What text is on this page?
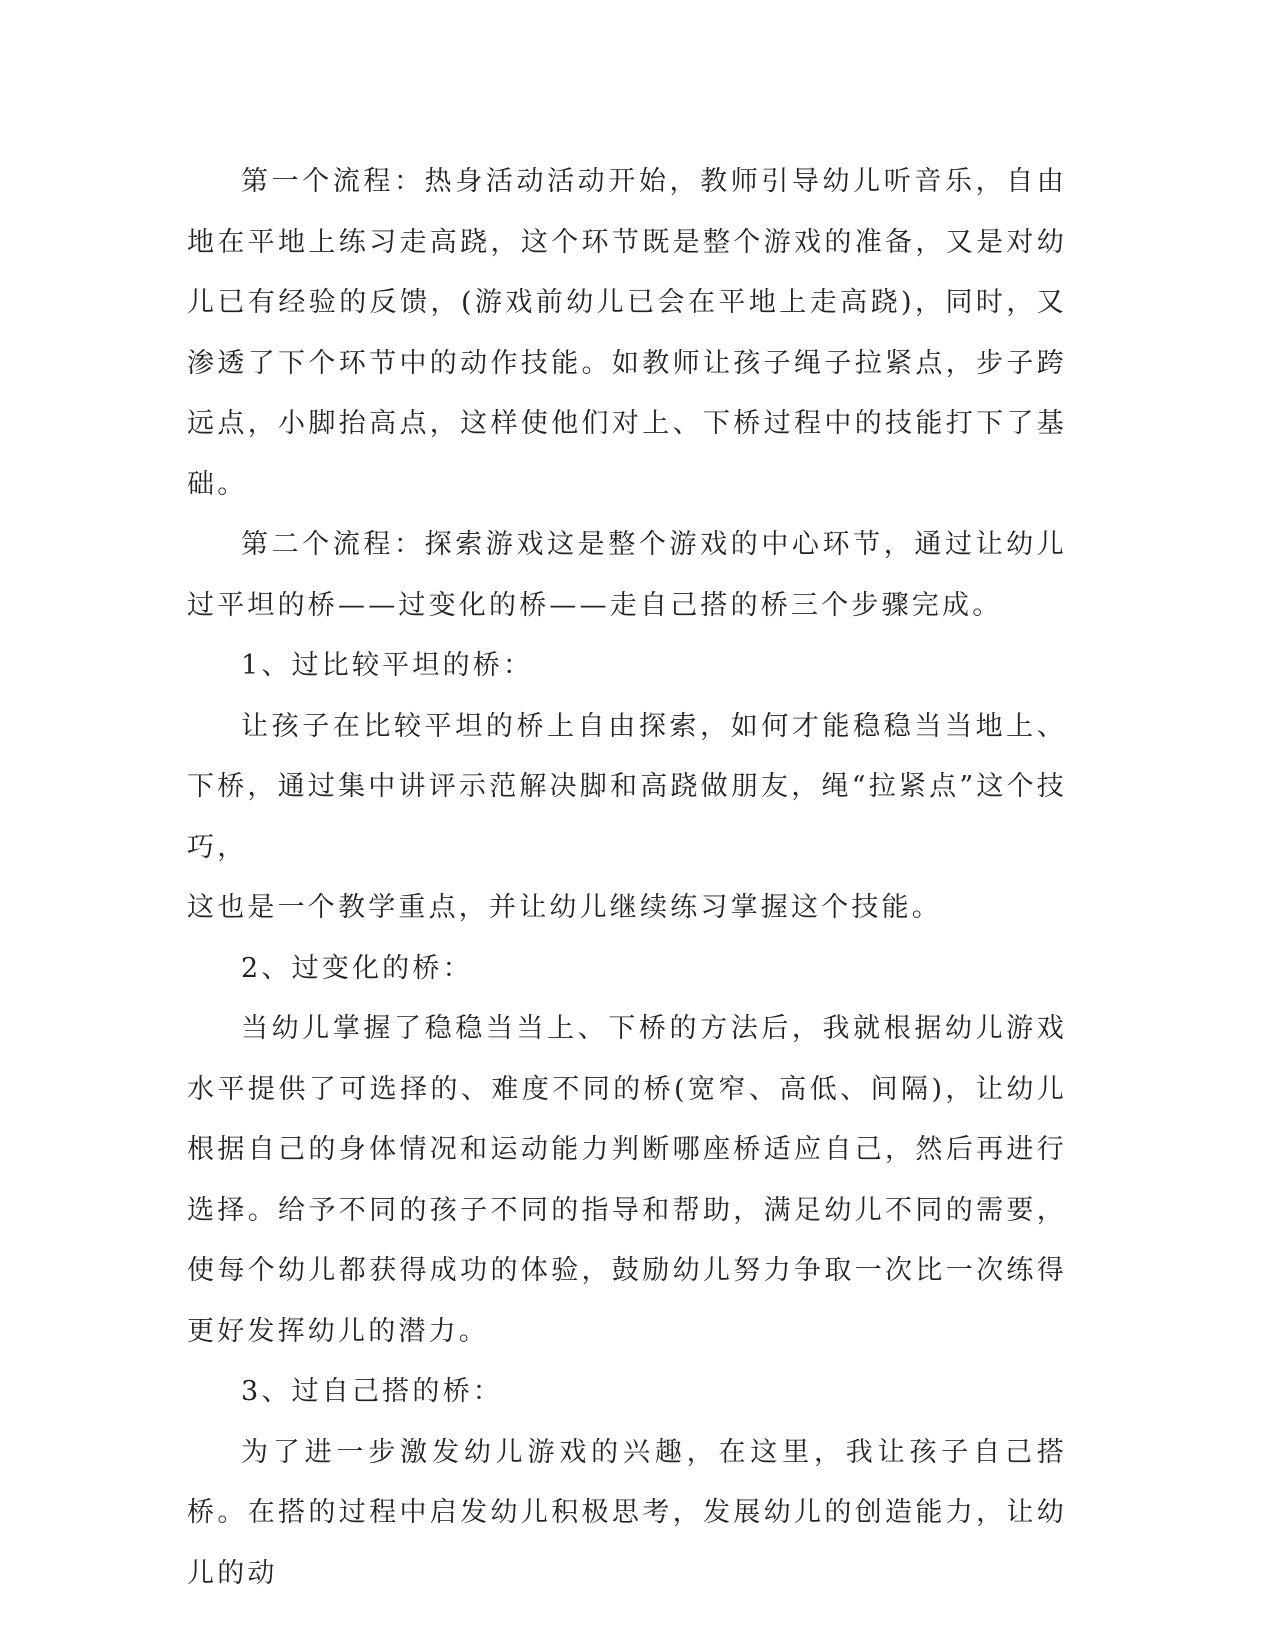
第一个流程：热身活动活动开始，教师引导幼儿听音乐，自由地在平地上练习走高跷，这个环节既是整个游戏的准备，又是对幼儿已有经验的反馈，(游戏前幼儿已会在平地上走高跷)，同时，又渗透了下个环节中的动作技能。如教师让孩子绳子拉紧点，步子跨远点，小脚抬高点，这样使他们对上、下桥过程中的技能打下了基础。

第二个流程：探索游戏这是整个游戏的中心环节，通过让幼儿过平坦的桥——过变化的桥——走自己搭的桥三个步骤完成。

1、过比较平坦的桥：

让孩子在比较平坦的桥上自由探索，如何才能稳稳当当地上、下桥，通过集中讲评示范解决脚和高跷做朋友，绳“拉紧点”这个技巧，

这也是一个教学重点，并让幼儿继续练习掌握这个技能。

2、过变化的桥：

当幼儿掌握了稳稳当当上、下桥的方法后，我就根据幼儿游戏水平提供了可选择的、难度不同的桥(宽窄、高低、间隔)，让幼儿根据自己的身体情况和运动能力判断哪座桥适应自己，然后再进行选择。给予不同的孩子不同的指导和帮助，满足幼儿不同的需要，使每个幼儿都获得成功的体验，鼓励幼儿努力争取一次比一次练得更好发挥幼儿的潜力。

3、过自己搭的桥：

为了进一步激发幼儿游戏的兴趣，在这里，我让孩子自己搭桥。在搭的过程中启发幼儿积极思考，发展幼儿的创造能力，让幼儿的动
